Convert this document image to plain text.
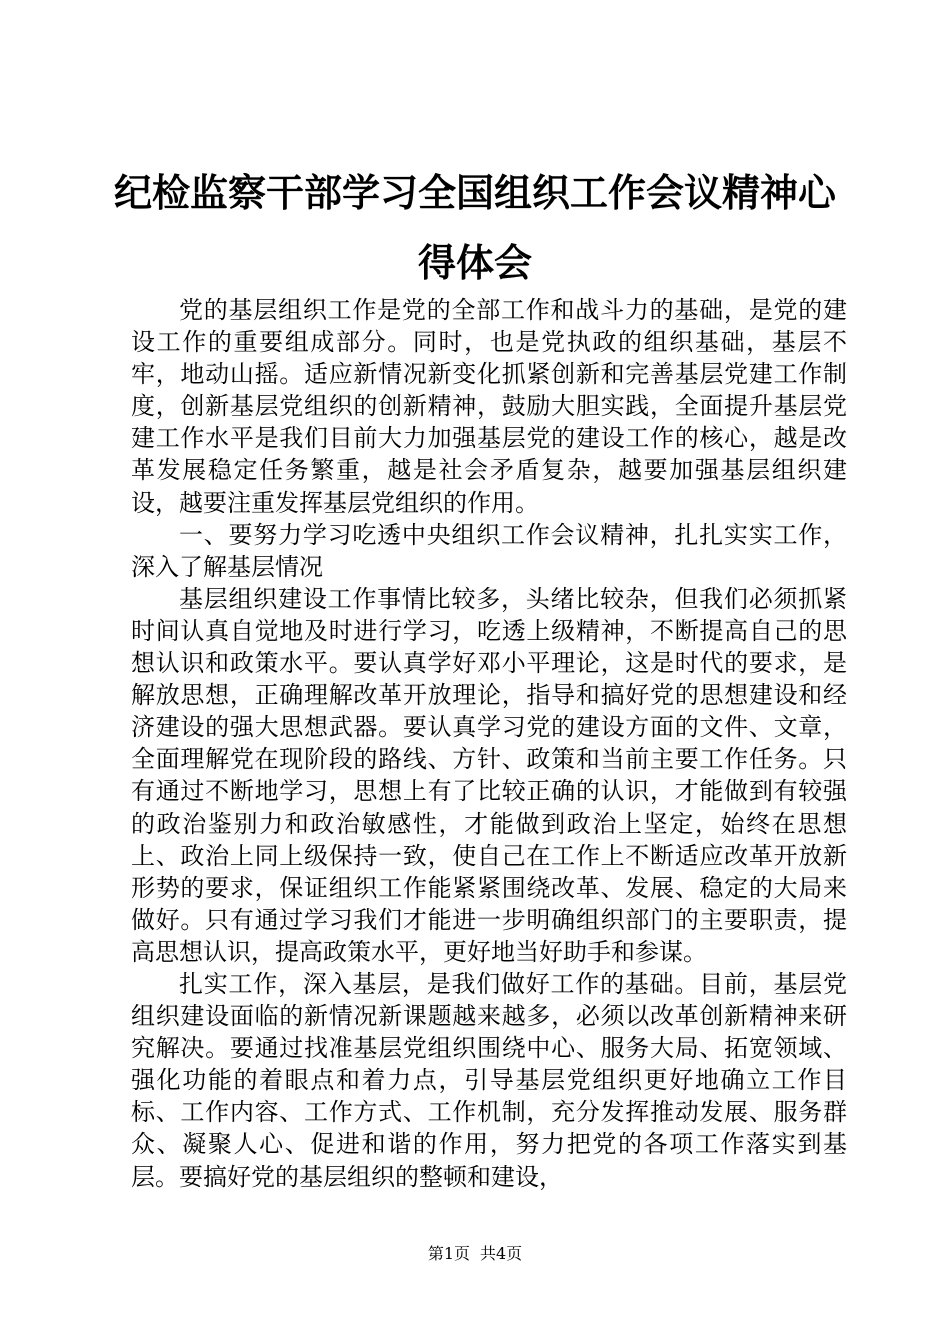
纪检监察干部学习全国组织工作会议精神心得体会

党的基层组织工作是党的全部工作和战斗力的基础，是党的建设工作的重要组成部分。同时，也是党执政的组织基础，基层不牢，地动山摇。适应新情况新变化抓紧创新和完善基层党建工作制度，创新基层党组织的创新精神，鼓励大胆实践，全面提升基层党建工作水平是我们目前大力加强基层党的建设工作的核心，越是改革发展稳定任务繁重，越是社会矛盾复杂，越要加强基层组织建设，越要注重发挥基层党组织的作用。

一、要努力学习吃透中央组织工作会议精神，扎扎实实工作，深入了解基层情况

基层组织建设工作事情比较多，头绪比较杂，但我们必须抓紧时间认真自觉地及时进行学习，吃透上级精神，不断提高自己的思想认识和政策水平。要认真学好邓小平理论，这是时代的要求，是解放思想，正确理解改革开放理论，指导和搞好党的思想建设和经济建设的强大思想武器。要认真学习党的建设方面的文件、文章，全面理解党在现阶段的路线、方针、政策和当前主要工作任务。只有通过不断地学习，思想上有了比较正确的认识，才能做到有较强的政治鉴别力和政治敏感性，才能做到政治上坚定，始终在思想上、政治上同上级保持一致，使自己在工作上不断适应改革开放新形势的要求，保证组织工作能紧紧围绕改革、发展、稳定的大局来做好。只有通过学习我们才能进一步明确组织部门的主要职责，提高思想认识，提高政策水平，更好地当好助手和参谋。

扎实工作，深入基层，是我们做好工作的基础。目前，基层党组织建设面临的新情况新课题越来越多，必须以改革创新精神来研究解决。要通过找准基层党组织围绕中心、服务大局、拓宽领域、强化功能的着眼点和着力点，引导基层党组织更好地确立工作目标、工作内容、工作方式、工作机制，充分发挥推动发展、服务群众、凝聚人心、促进和谐的作用，努力把党的各项工作落实到基层。要搞好党的基层组织的整顿和建设，

第1页 共4页
